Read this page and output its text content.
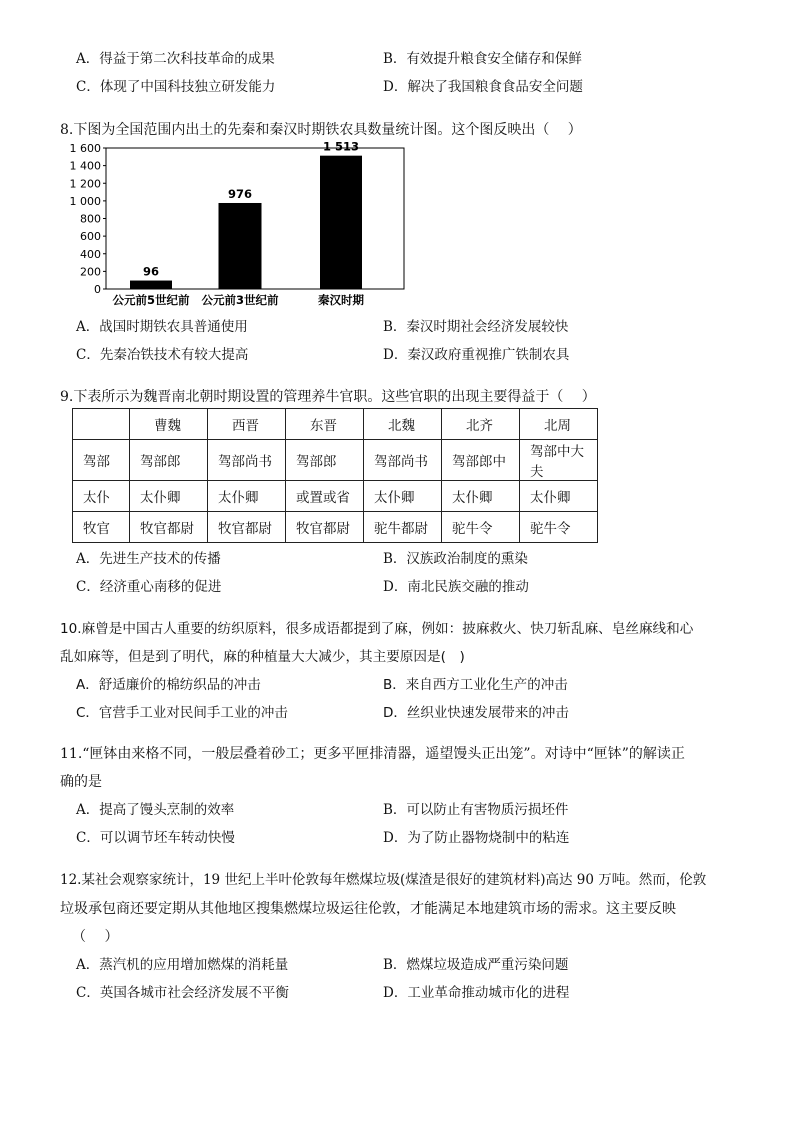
A．得益于第二次科技革命的成果	B．有效提升粮食安全储存和保鲜
C．体现了中国科技独立研发能力	D．解决了我国粮食食品安全问题
8.下图为全国范围内出土的先秦和秦汉时期铁农具数量统计图。这个图反映出（　 ）
0
200
400
600
800
1 000
1 200
1 400
1 600
96
公元前5世纪前
976
公元前3世纪前
1 513
秦汉时期
A．战国时期铁农具普通使用	B．秦汉时期社会经济发展较快
C．先秦冶铁技术有较大提高	D．秦汉政府重视推广铁制农具
9.下表所示为魏晋南北朝时期设置的管理养牛官职。这些官职的出现主要得益于（　 ）
	曹魏	西晋	东晋	北魏	北齐	北周
驾部	驾部郎	驾部尚书	驾部郎	驾部尚书	驾部郎中	驾部中大夫
太仆	太仆卿	太仆卿	或置或省	太仆卿	太仆卿	太仆卿
牧官	牧官都尉	牧官都尉	牧官都尉	驼牛都尉	驼牛令	驼牛令
A．先进生产技术的传播	B．汉族政治制度的熏染
C．经济重心南移的促进	D．南北民族交融的推动
10.麻曾是中国古人重要的纺织原料，很多成语都提到了麻，例如：披麻救火、快刀斩乱麻、皂丝麻线和心
乱如麻等，但是到了明代，麻的种植量大大减少，其主要原因是(　)
A．舒适廉价的棉纺织品的冲击	B．来自西方工业化生产的冲击
C．官营手工业对民间手工业的冲击	D．丝织业快速发展带来的冲击
11.“匣钵由来格不同，一般层叠着砂工；更多平匣排清器，遥望馒头正出笼”。对诗中“匣钵”的解读正
确的是
A．提高了馒头烹制的效率	B．可以防止有害物质污损坯件
C．可以调节坯车转动快慢	D．为了防止器物烧制中的粘连
12.某社会观察家统计，19 世纪上半叶伦敦每年燃煤垃圾(煤渣是很好的建筑材料)高达 90 万吨。然而，伦敦
垃圾承包商还要定期从其他地区搜集燃煤垃圾运往伦敦，才能满足本地建筑市场的需求。这主要反映
（　 ）
A．蒸汽机的应用增加燃煤的消耗量	B．燃煤垃圾造成严重污染问题
C．英国各城市社会经济发展不平衡	D．工业革命推动城市化的进程
